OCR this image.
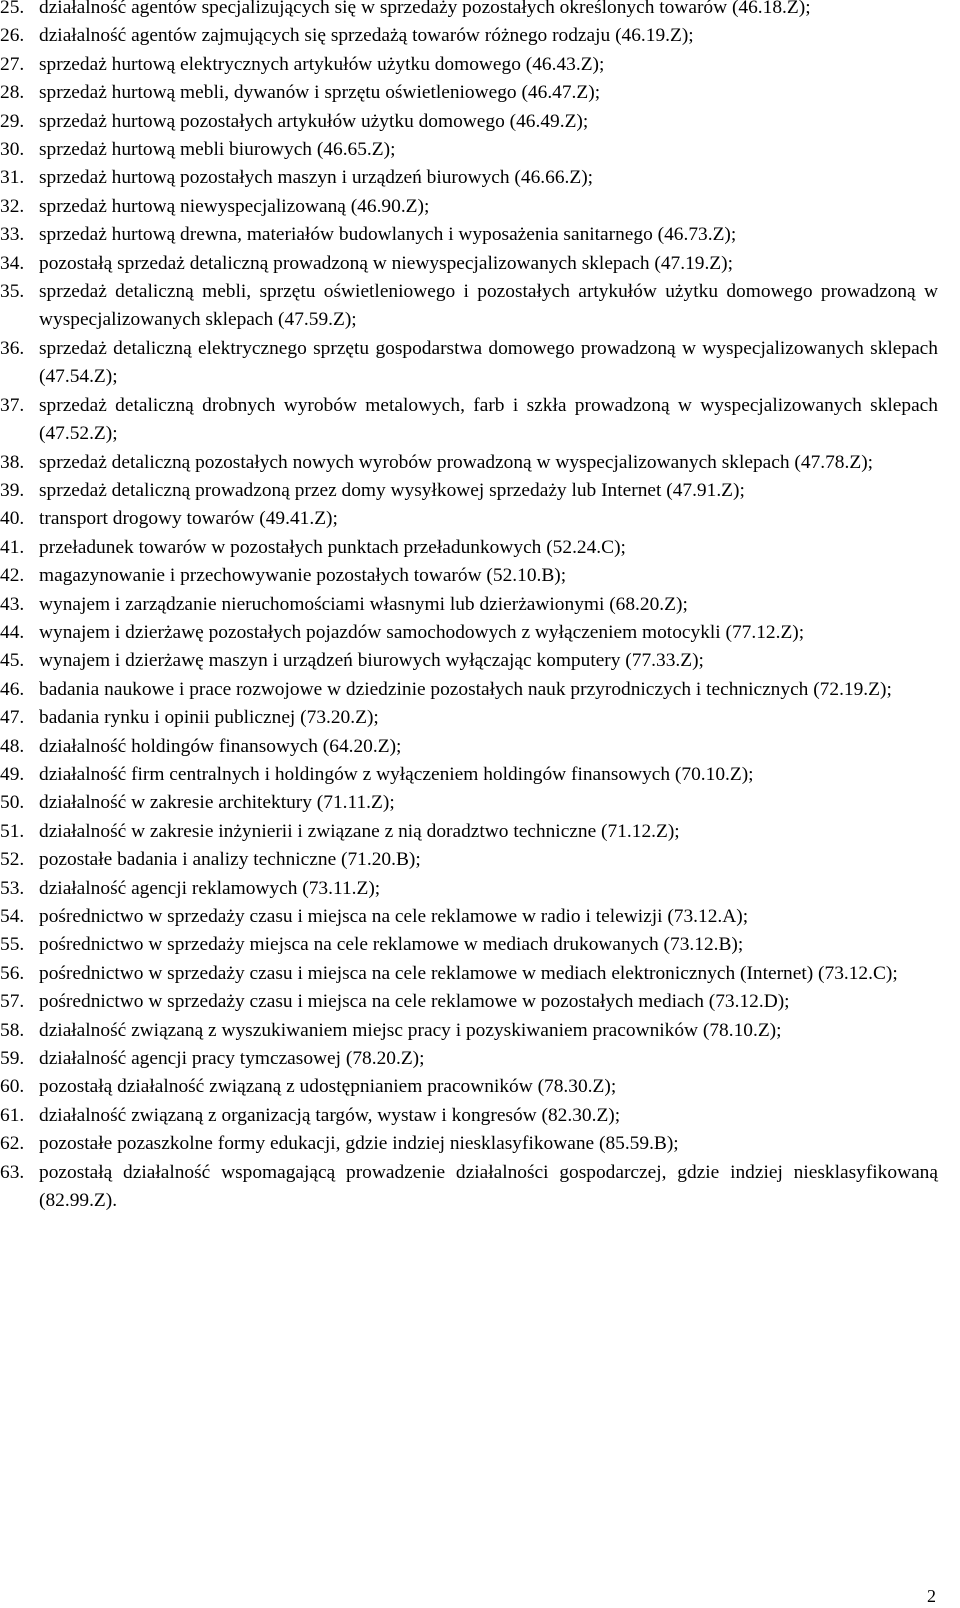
25. działalność agentów specjalizujących się w sprzedaży pozostałych określonych towarów (46.18.Z);
26. działalność agentów zajmujących się sprzedażą towarów różnego rodzaju (46.19.Z);
27. sprzedaż hurtową elektrycznych artykułów użytku domowego (46.43.Z);
28. sprzedaż hurtową mebli, dywanów i sprzętu oświetleniowego (46.47.Z);
29. sprzedaż hurtową pozostałych artykułów użytku domowego (46.49.Z);
30. sprzedaż hurtową mebli biurowych (46.65.Z);
31. sprzedaż hurtową pozostałych maszyn i urządzeń biurowych (46.66.Z);
32. sprzedaż hurtową niewyspecjalizowaną (46.90.Z);
33. sprzedaż hurtową drewna, materiałów budowlanych i wyposażenia sanitarnego (46.73.Z);
34. pozostałą sprzedaż detaliczną prowadzoną w niewyspecjalizowanych sklepach (47.19.Z);
35. sprzedaż detaliczną mebli, sprzętu oświetleniowego i pozostałych artykułów użytku domowego prowadzoną w wyspecjalizowanych sklepach (47.59.Z);
36. sprzedaż detaliczną elektrycznego sprzętu gospodarstwa domowego prowadzoną w wyspecjalizowanych sklepach (47.54.Z);
37. sprzedaż detaliczną drobnych wyrobów metalowych, farb i szkła prowadzoną w wyspecjalizowanych sklepach (47.52.Z);
38. sprzedaż detaliczną pozostałych nowych wyrobów prowadzoną w wyspecjalizowanych sklepach (47.78.Z);
39. sprzedaż detaliczną prowadzoną przez domy wysyłkowej sprzedaży lub Internet (47.91.Z);
40. transport drogowy towarów (49.41.Z);
41. przeładunek towarów w pozostałych punktach przeładunkowych (52.24.C);
42. magazynowanie i przechowywanie pozostałych towarów (52.10.B);
43. wynajem i zarządzanie nieruchomościami własnymi lub dzierżawionymi (68.20.Z);
44. wynajem i dzierżawę pozostałych pojazdów samochodowych z wyłączeniem motocykli (77.12.Z);
45. wynajem i dzierżawę maszyn i urządzeń biurowych wyłączając komputery (77.33.Z);
46. badania naukowe i prace rozwojowe w dziedzinie pozostałych nauk przyrodniczych i technicznych (72.19.Z);
47. badania rynku i opinii publicznej (73.20.Z);
48. działalność holdingów finansowych (64.20.Z);
49. działalność firm centralnych i holdingów z wyłączeniem holdingów finansowych (70.10.Z);
50. działalność w zakresie architektury (71.11.Z);
51. działalność w zakresie inżynierii i związane z nią doradztwo techniczne (71.12.Z);
52. pozostałe badania i analizy techniczne (71.20.B);
53. działalność agencji reklamowych (73.11.Z);
54. pośrednictwo w sprzedaży czasu i miejsca na cele reklamowe w radio i telewizji (73.12.A);
55. pośrednictwo w sprzedaży miejsca na cele reklamowe w mediach drukowanych (73.12.B);
56. pośrednictwo w sprzedaży czasu i miejsca na cele reklamowe w mediach elektronicznych (Internet) (73.12.C);
57. pośrednictwo w sprzedaży czasu i miejsca na cele reklamowe w pozostałych mediach (73.12.D);
58. działalność związaną z wyszukiwaniem miejsc pracy i pozyskiwaniem pracowników (78.10.Z);
59. działalność agencji pracy tymczasowej (78.20.Z);
60. pozostałą działalność związaną z udostępnianiem pracowników (78.30.Z);
61. działalność związaną z organizacją targów, wystaw i kongresów (82.30.Z);
62. pozostałe pozaszkolne formy edukacji, gdzie indziej niesklasyfikowane (85.59.B);
63. pozostałą działalność wspomagającą prowadzenie działalności gospodarczej, gdzie indziej niesklasyfikowaną (82.99.Z).
2
